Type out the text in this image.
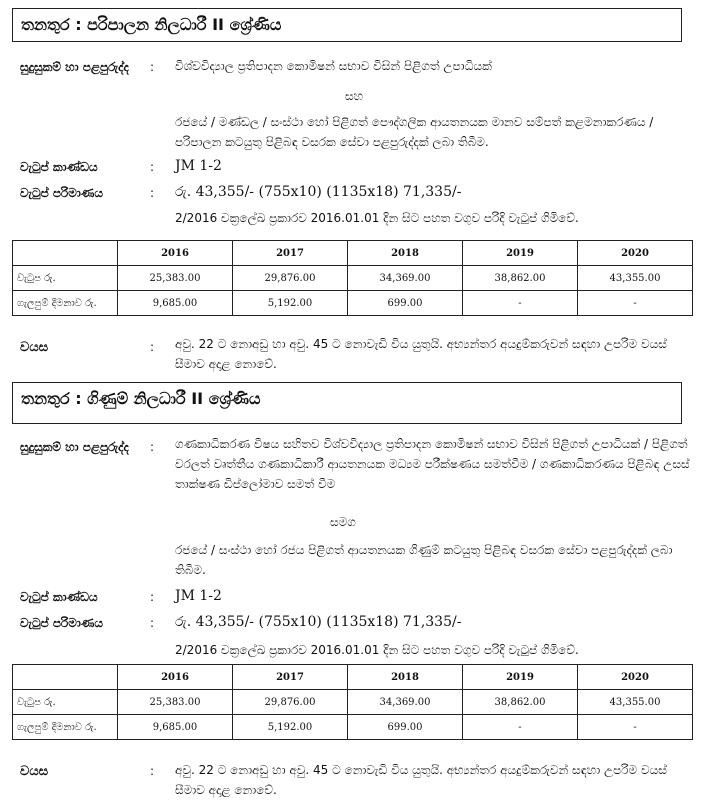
තනතුර : පරිපාලන නිලධාරී II ශ්‍රේණිය
සුදුසුකම් හා පළපුරුද්ද : විශ්වවිද්‍යාල ප්‍රතිපාදන කොමිෂන් සභාව විසින් පිළිගත් උපාධියක්
සහ
රජයේ / මණ්ඩල / සංස්ථා හෝ පිළිගත් පෞද්ගලික ආයතනයක මානව සම්පත් කළමනාකරණය / පරිපාලන කටයුතු පිළිබඳ වසරක සේවා පළපුරුද්දක් ලබා තිබීම.
වැටුප් කාණ්ඩය	: JM 1-2
වැටුප් පරිමාණය	: රු. 43,355/- (755x10) (1135x18) 71,335/-
2/2016 චක්‍රලේඛ ප්‍රකාරව 2016.01.01 දින සිට පහත වගුව පරිදි වැටුප් ගිමිවේ.
	2016	2017	2018	2019	2020
වැටුප රු.	25,383.00	29,876.00	34,369.00	38,862.00	43,355.00
ගැලපුම් දීමනාව රු.	9,685.00	5,192.00	699.00	-	-
වයස	: අවු. 22 ට නොඅඩු හා අවු. 45 ට නොවැඩි විය යුතුයි. අභ්‍යන්තර අයදුම්කරුවන් සඳහා උපරිම වයස් සීමාව අදාළ නොවේ.
තනතුර : ගිණුම් නිලධාරී II ශ්‍රේණිය
සුදුසුකම් හා පළපුරුද්ද : ගණකාධිකරණ විෂය සහිතව විශ්වවිද්‍යාල ප්‍රතිපාදන කොමිෂන් සභාව විසින් පිළිගත් උපාධියක් / පිළිගත් වරලත් වෘත්තීය ගණකාධිකාරී ආයතනයක මධ්‍යම පරීක්ෂණය සමත්වීම / ගණකාධිකරණය පිළිබඳ උසස් තාක්ෂණ ඩිප්ලෝමාව සමත් වීම
සමග
රජයේ / සංස්ථා හෝ රජය පිළිගත් ආයතනයක ගිණුම් කටයුතු පිළිබඳ වසරක සේවා පළපුරුද්දක් ලබා තිබීම.
වැටුප් කාණ්ඩය	: JM 1-2
වැටුප් පරිමාණය	: රු. 43,355/- (755x10) (1135x18) 71,335/-
2/2016 චක්‍රලේඛ ප්‍රකාරව 2016.01.01 දින සිට පහත වගුව පරිදි වැටුප් ගිමිවේ.
	2016	2017	2018	2019	2020
වැටුප රු.	25,383.00	29,876.00	34,369.00	38,862.00	43,355.00
ගැලපුම් දීමනාව රු.	9,685.00	5,192.00	699.00	-	-
වයස	: අවු. 22 ට නොඅඩු හා අවු. 45 ට නොවැඩි විය යුතුයි. අභ්‍යන්තර අයදුම්කරුවන් සඳහා උපරිම වයස් සීමාව අදාළ නොවේ.
